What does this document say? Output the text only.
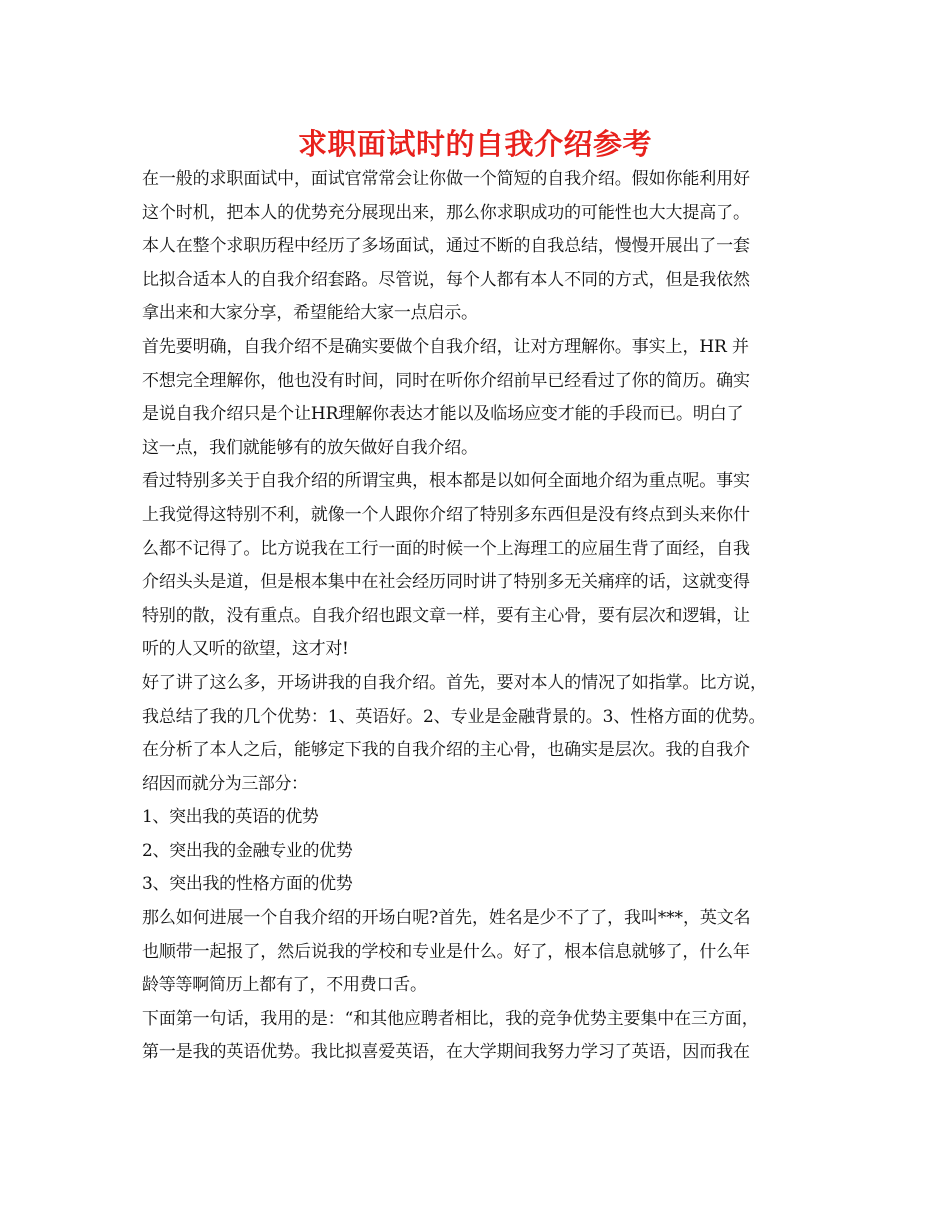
求职面试时的自我介绍参考
在一般的求职面试中，面试官常常会让你做一个简短的自我介绍。假如你能利用好
这个时机，把本人的优势充分展现出来，那么你求职成功的可能性也大大提高了。
本人在整个求职历程中经历了多场面试，通过不断的自我总结，慢慢开展出了一套
比拟合适本人的自我介绍套路。尽管说，每个人都有本人不同的方式，但是我依然
拿出来和大家分享，希望能给大家一点启示。
首先要明确，自我介绍不是确实要做个自我介绍，让对方理解你。事实上，HR 并
不想完全理解你，他也没有时间，同时在听你介绍前早已经看过了你的简历。确实
是说自我介绍只是个让HR理解你表达才能以及临场应变才能的手段而已。明白了
这一点，我们就能够有的放矢做好自我介绍。
看过特别多关于自我介绍的所谓宝典，根本都是以如何全面地介绍为重点呢。事实
上我觉得这特别不利，就像一个人跟你介绍了特别多东西但是没有终点到头来你什
么都不记得了。比方说我在工行一面的时候一个上海理工的应届生背了面经，自我
介绍头头是道，但是根本集中在社会经历同时讲了特别多无关痛痒的话，这就变得
特别的散，没有重点。自我介绍也跟文章一样，要有主心骨，要有层次和逻辑，让
听的人又听的欲望，这才对!
好了讲了这么多，开场讲我的自我介绍。首先，要对本人的情况了如指掌。比方说，
我总结了我的几个优势：1、英语好。2、专业是金融背景的。3、性格方面的优势。
在分析了本人之后，能够定下我的自我介绍的主心骨，也确实是层次。我的自我介
绍因而就分为三部分：
1、突出我的英语的优势
2、突出我的金融专业的优势
3、突出我的性格方面的优势
那么如何进展一个自我介绍的开场白呢?首先，姓名是少不了了，我叫***，英文名
也顺带一起报了，然后说我的学校和专业是什么。好了，根本信息就够了，什么年
龄等等啊简历上都有了，不用费口舌。
下面第一句话，我用的是：“和其他应聘者相比，我的竞争优势主要集中在三方面，
第一是我的英语优势。我比拟喜爱英语，在大学期间我努力学习了英语，因而我在
